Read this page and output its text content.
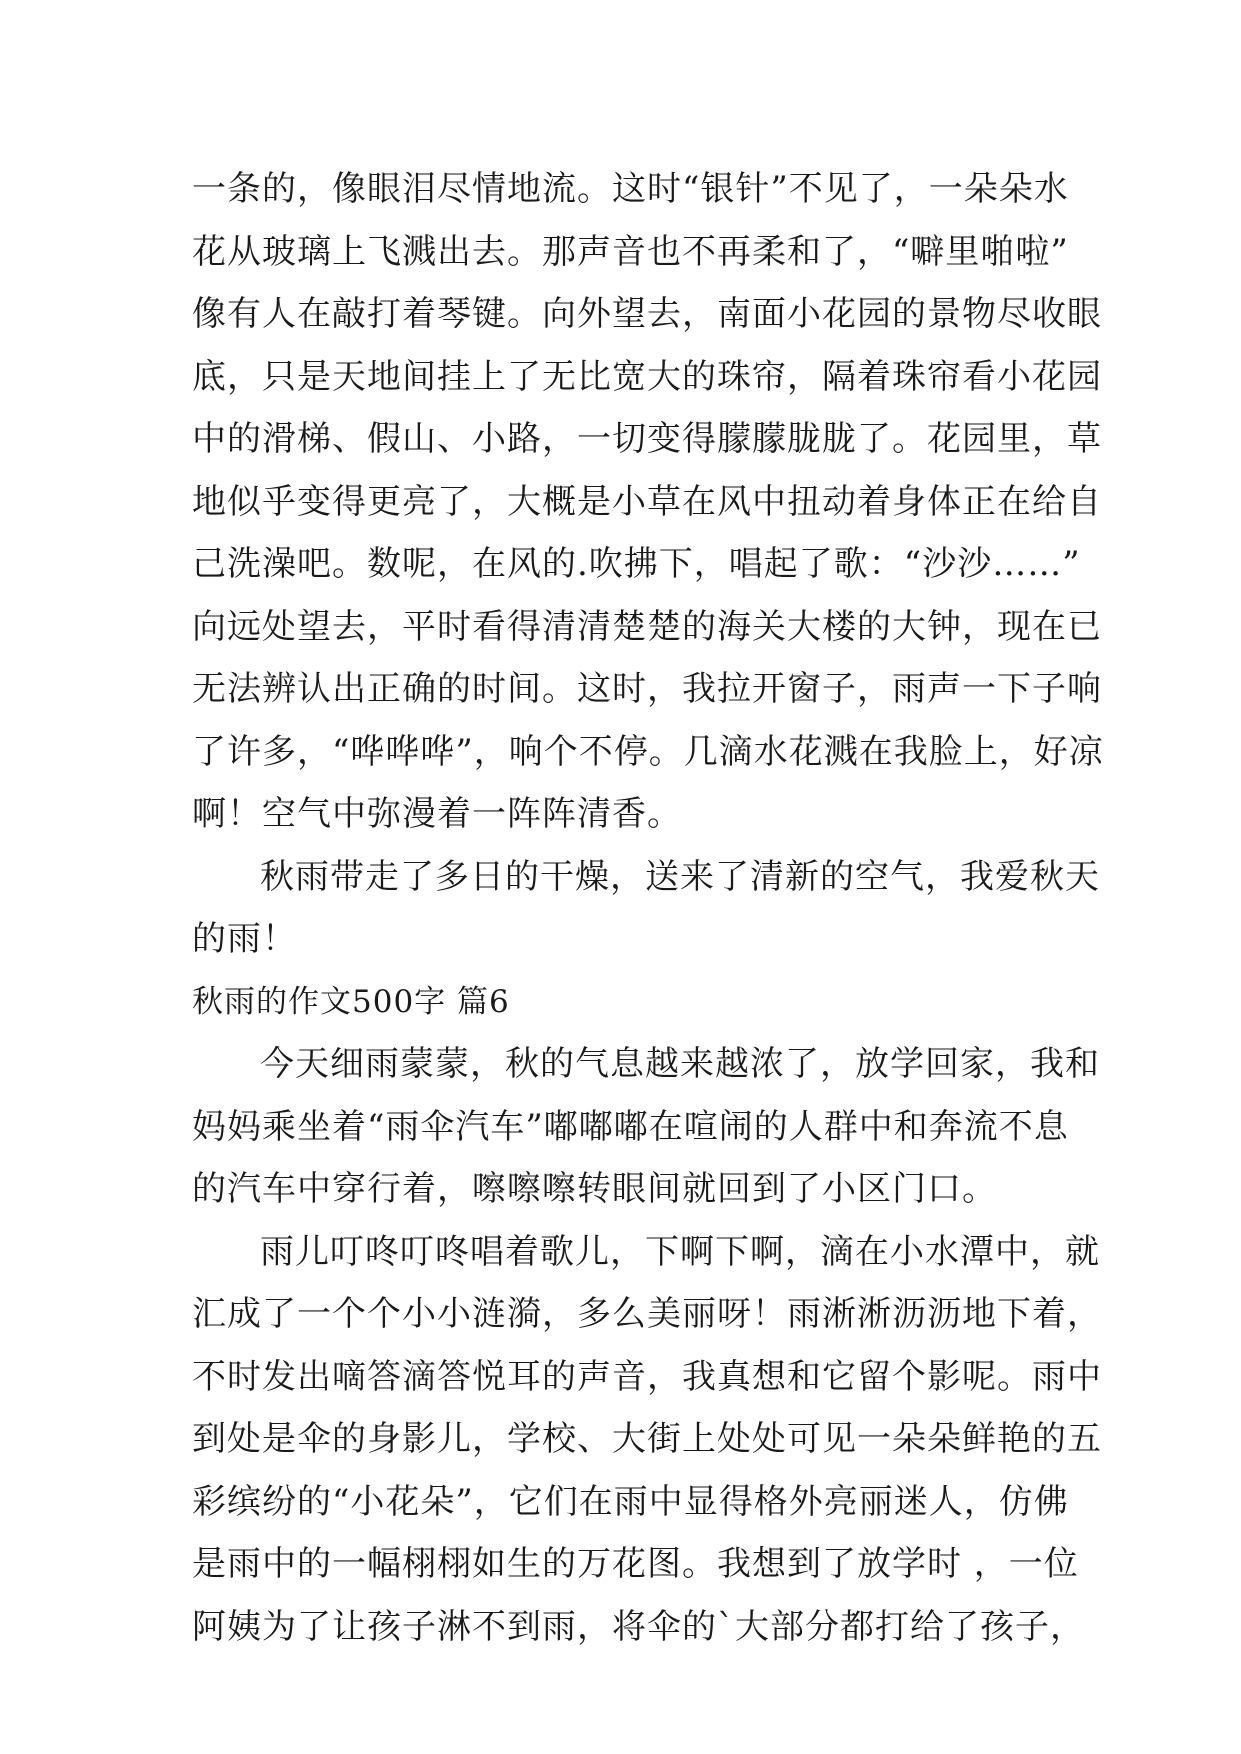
一条的，像眼泪尽情地流。这时“银针”不见了，一朵朵水
花从玻璃上飞溅出去。那声音也不再柔和了，“噼里啪啦”
像有人在敲打着琴键。向外望去，南面小花园的景物尽收眼
底，只是天地间挂上了无比宽大的珠帘，隔着珠帘看小花园
中的滑梯、假山、小路，一切变得朦朦胧胧了。花园里，草
地似乎变得更亮了，大概是小草在风中扭动着身体正在给自
己洗澡吧。数呢，在风的.吹拂下，唱起了歌：“沙沙……”
向远处望去，平时看得清清楚楚的海关大楼的大钟，现在已
无法辨认出正确的时间。这时，我拉开窗子，雨声一下子响
了许多，“哗哗哗”，响个不停。几滴水花溅在我脸上，好凉
啊！空气中弥漫着一阵阵清香。
秋雨带走了多日的干燥，送来了清新的空气，我爱秋天
的雨！
秋雨的作文500字 篇6
今天细雨蒙蒙，秋的气息越来越浓了，放学回家，我和
妈妈乘坐着“雨伞汽车”嘟嘟嘟在喧闹的人群中和奔流不息
的汽车中穿行着，嚓嚓嚓转眼间就回到了小区门口。
雨儿叮咚叮咚唱着歌儿，下啊下啊，滴在小水潭中，就
汇成了一个个小小涟漪，多么美丽呀！雨淅淅沥沥地下着，
不时发出嘀答滴答悦耳的声音，我真想和它留个影呢。雨中
到处是伞的身影儿，学校、大街上处处可见一朵朵鲜艳的五
彩缤纷的“小花朵”，它们在雨中显得格外亮丽迷人，仿佛
是雨中的一幅栩栩如生的万花图。我想到了放学时 ，一位
阿姨为了让孩子淋不到雨，将伞的`大部分都打给了孩子，
